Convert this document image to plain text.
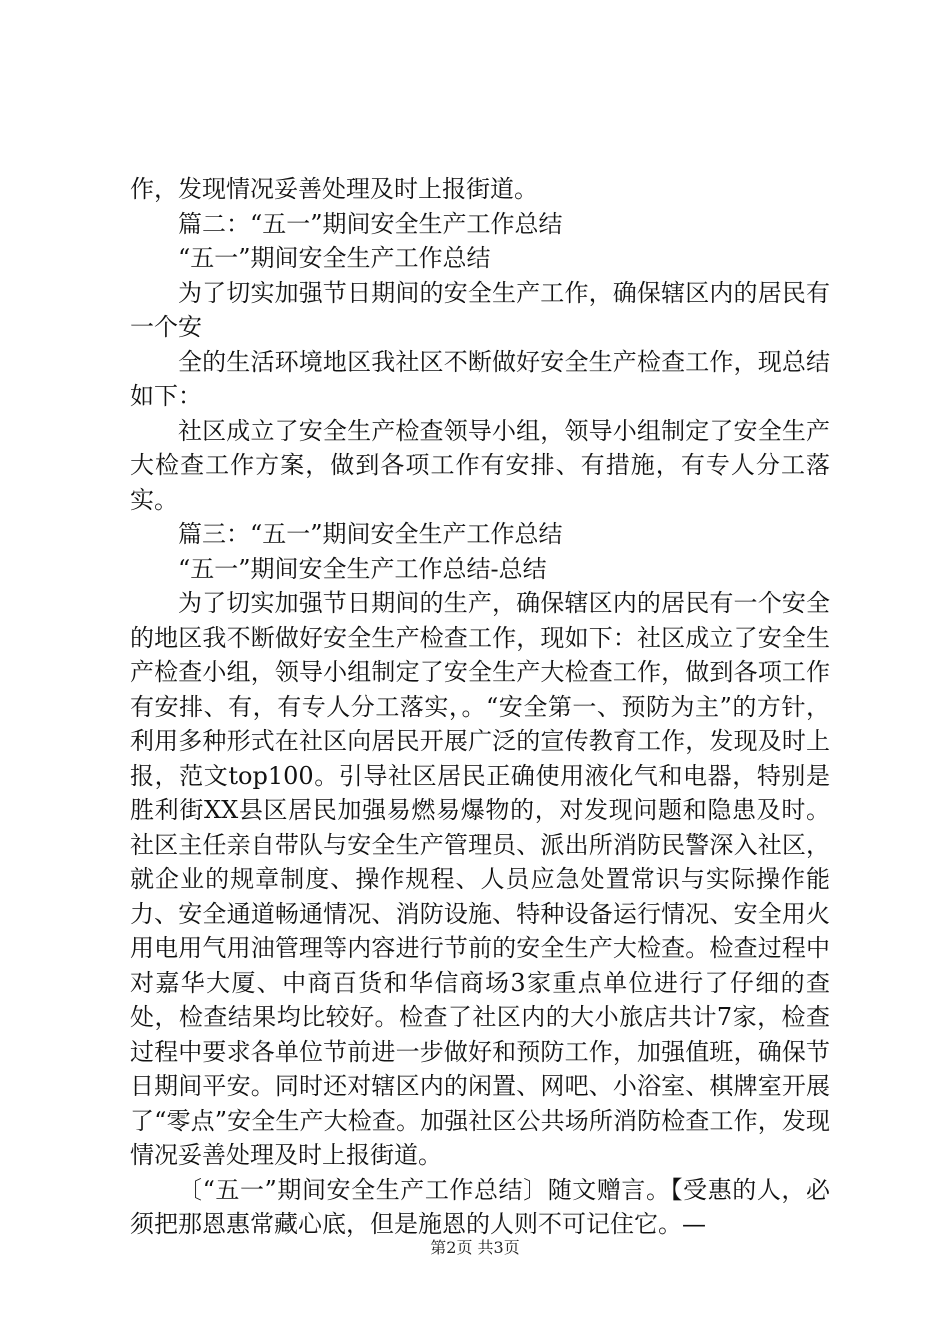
作，发现情况妥善处理及时上报街道。

篇二：“五一”期间安全生产工作总结

“五一”期间安全生产工作总结

为了切实加强节日期间的安全生产工作，确保辖区内的居民有一个安

全的生活环境地区我社区不断做好安全生产检查工作，现总结如下：

社区成立了安全生产检查领导小组，领导小组制定了安全生产大检查工作方案，做到各项工作有安排、有措施，有专人分工落实。

篇三：“五一”期间安全生产工作总结

“五一”期间安全生产工作总结-总结

为了切实加强节日期间的生产，确保辖区内的居民有一个安全的地区我不断做好安全生产检查工作，现如下：社区成立了安全生产检查小组，领导小组制定了安全生产大检查工作，做到各项工作有安排、有，有专人分工落实，。“安全第一、预防为主”的方针，利用多种形式在社区向居民开展广泛的宣传教育工作，发现及时上报，范文top100。引导社区居民正确使用液化气和电器，特别是胜利街XX县区居民加强易燃易爆物的，对发现问题和隐患及时。社区主任亲自带队与安全生产管理员、派出所消防民警深入社区，就企业的规章制度、操作规程、人员应急处置常识与实际操作能力、安全通道畅通情况、消防设施、特种设备运行情况、安全用火用电用气用油管理等内容进行节前的安全生产大检查。检查过程中对嘉华大厦、中商百货和华信商场3家重点单位进行了仔细的查处，检查结果均比较好。检查了社区内的大小旅店共计7家，检查过程中要求各单位节前进一步做好和预防工作，加强值班，确保节日期间平安。同时还对辖区内的闲置、网吧、小浴室、棋牌室开展了“零点”安全生产大检查。加强社区公共场所消防检查工作，发现情况妥善处理及时上报街道。

〔“五一”期间安全生产工作总结〕随文赠言。【受惠的人，必须把那恩惠常藏心底，但是施恩的人则不可记住它。—

第2页 共3页
